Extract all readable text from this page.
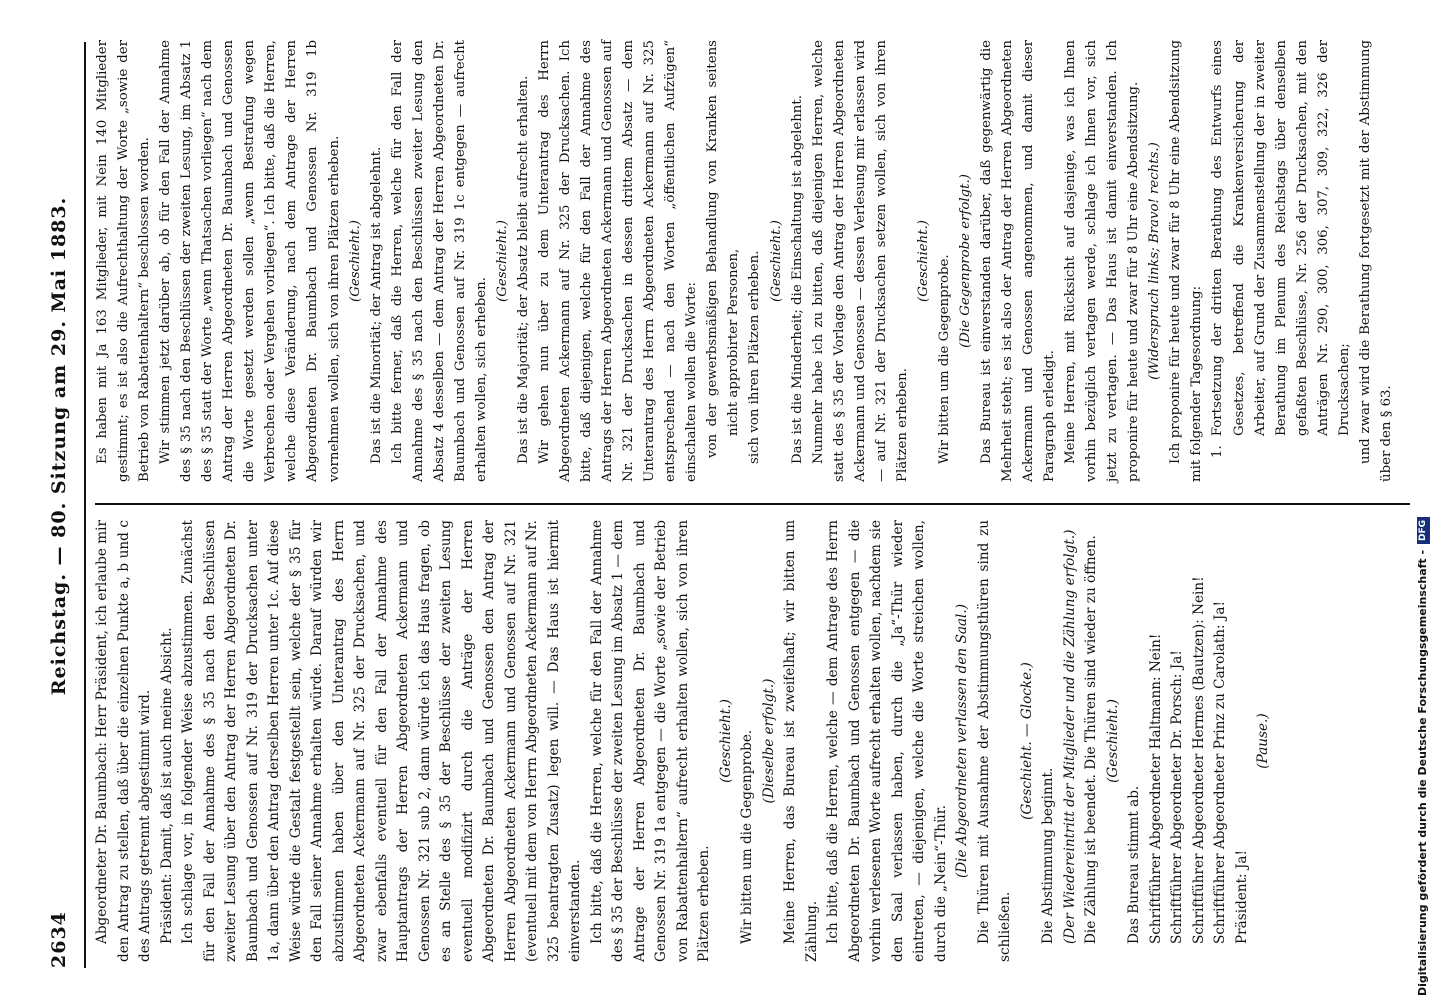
2634
Reichstag. — 80. Sitzung am 29. Mai 1883.

Abgeordneter Dr. Baumbach: Herr Präsident, ich erlaube mir den Antrag zu stellen, daß über die einzelnen Punkte a, b und c des Antrags getrennt abgestimmt wird. Präsident: Damit, daß ist auch meine Absicht. Ich schlage vor, in folgender Weise abzustimmen. Zunächst für den Fall der Annahme des § 35 nach den Beschlüssen zweiter Lesung über den Antrag der Herren Abgeordneten Dr. Baumbach und Genossen auf Nr. 319 der Drucksachen unter 1a, dann über den Antrag derselben Herren unter 1c. Auf diese Weise würde die Gestalt festgestellt sein, welche der § 35 für den Fall seiner Annahme erhalten würde. Darauf würden wir abzustimmen haben über den Unterantrag des Herrn Abgeordneten Ackermann auf Nr. 325 der Drucksachen, und zwar ebenfalls eventuell für den Fall der Annahme des Hauptantrags der Herren Abgeordneten Ackermann und Genossen Nr. 321 sub 2, dann würde ich das Haus fragen, ob es an Stelle des § 35 der Beschlüsse der zweiten Lesung eventuell modifizirt durch die Anträge der Herren Abgeordneten Dr. Baumbach und Genossen den Antrag der Herren Abgeordneten Ackermann und Genossen auf Nr. 321 (eventuell mit dem von Herrn Abgeordneten Ackermann auf Nr. 325 beantragten Zusatz) legen will. — Das Haus ist hiermit einverstanden. Ich bitte, daß die Herren, welche für den Fall der Annahme des § 35 der Beschlüsse der zweiten Lesung im Absatz 1 — dem Antrage der Herren Abgeordneten Dr. Baumbach und Genossen Nr. 319 1a entgegen — die Worte „sowie der Betrieb von Rabattenhaltern“ aufrecht erhalten wollen, sich von ihren Plätzen erheben.

(Geschieht.) Wir bitten um die Gegenprobe. (Dieselbe erfolgt.) Meine Herren, das Bureau ist zweifelhaft; wir bitten um Zählung. Ich bitte, daß die Herren, welche — dem Antrage des Herrn Abgeordneten Dr. Baumbach und Genossen entgegen — die vorhin verlesenen Worte aufrecht erhalten wollen, nachdem sie den Saal verlassen haben, durch die „Ja“-Thür wieder eintreten, — diejenigen, welche die Worte streichen wollen, durch die „Nein“-Thür.

(Die Abgeordneten verlassen den Saal.) Die Thüren mit Ausnahme der Abstimmungsthüren sind zu schließen.

(Geschieht. — Glocke.)

Die Abstimmung beginnt. (Der Wiedereintritt der Mitglieder und die Zählung erfolgt.) Die Zählung ist beendet. Die Thüren sind wieder zu öffnen. (Geschieht.)

Das Bureau stimmt ab. Schriftführer Abgeordneter Haltmann: Nein! Schriftführer Abgeordneter Dr. Porsch: Ja! Schriftführer Abgeordneter Hermes (Bautzen): Nein! Schriftführer Abgeordneter Prinz zu Carolath: Ja! Präsident: Ja!

(Pause.)

Es haben mit Ja 163 Mitglieder, mit Nein 140 Mitglieder gestimmt; es ist also die Aufrechthaltung der Worte „sowie der Betrieb von Rabattenhaltern“ beschlossen worden. Wir stimmen jetzt darüber ab, ob für den Fall der Annahme des § 35 nach den Beschlüssen der zweiten Lesung, im Absatz 1 des § 35 statt der Worte „wenn Thatsachen vorliegen“ nach dem Antrag der Herren Abgeordneten Dr. Baumbach und Genossen die Worte gesetzt werden sollen „wenn Bestrafung wegen Verbrechen oder Vergehen vorliegen“. Ich bitte, daß die Herren, welche diese Veränderung, nach dem Antrage der Herren Abgeordneten Dr. Baumbach und Genossen Nr. 319 1b vornehmen wollen, sich von ihren Plätzen erheben. (Geschieht.) Das ist die Minorität; der Antrag ist abgelehnt. Ich bitte ferner, daß die Herren, welche für den Fall der Annahme des § 35 nach den Beschlüssen zweiter Lesung den Absatz 4 desselben — dem Antrag der Herren Abgeordneten Dr. Baumbach und Genossen auf Nr. 319 1c entgegen — aufrecht erhalten wollen, sich erheben.

(Geschieht.) Das ist die Majorität; der Absatz bleibt aufrecht erhalten. Wir gehen nun über zu dem Unterantrag des Herrn Abgeordneten Ackermann auf Nr. 325 der Drucksachen. Ich bitte, daß diejenigen, welche für den Fall der Annahme des Antrags der Herren Abgeordneten Ackermann und Genossen auf Nr. 321 der Drucksachen in dessen drittem Absatz — dem Unterantrag des Herrn Abgeordneten Ackermann auf Nr. 325 entsprechend — nach den Worten „öffentlichen Aufzügen“ einschalten wollen die Worte: von der gewerbsmäßigen Behandlung von Kranken seitens nicht approbirter Personen, sich von ihren Plätzen erheben. (Geschieht.) Das ist die Minderheit; die Einschaltung ist abgelehnt. Nunmehr habe ich zu bitten, daß diejenigen Herren, welche statt des § 35 der Vorlage den Antrag der Herren Abgeordneten Ackermann und Genossen — dessen Verlesung mir erlassen wird — auf Nr. 321 der Drucksachen setzen wollen, sich von ihren Plätzen erheben.

(Geschieht.) Wir bitten um die Gegenprobe. (Die Gegenprobe erfolgt.) Das Bureau ist einverstanden darüber, daß gegenwärtig die Mehrheit steht; es ist also der Antrag der Herren Abgeordneten Ackermann und Genossen angenommen, und damit dieser Paragraph erledigt. Meine Herren, mit Rücksicht auf dasjenige, was ich Ihnen vorhin bezüglich vertagen werde, schlage ich Ihnen vor, sich jetzt zu vertagen. — Das Haus ist damit einverstanden. Ich proponire für heute und zwar für 8 Uhr eine Abendsitzung. (Widerspruch links; Bravo! rechts.) Ich proponire für heute und zwar für 8 Uhr eine Abendsitzung mit folgender Tagesordnung: 1. Fortsetzung der dritten Berathung des Entwurfs eines Gesetzes, betreffend die Krankenversicherung der Arbeiter, auf Grund der Zusammenstellung der in zweiter Berathung im Plenum des Reichstags über denselben gefaßten Beschlüsse, Nr. 256 der Drucksachen, mit den Anträgen Nr. 290, 300, 306, 307, 309, 322, 326 der Drucksachen; und zwar wird die Berathung fortgesetzt mit der Abstimmung über den § 63.

Digitalisierung gefördert durch die Deutsche Forschungsgemeinschaft -DFG
